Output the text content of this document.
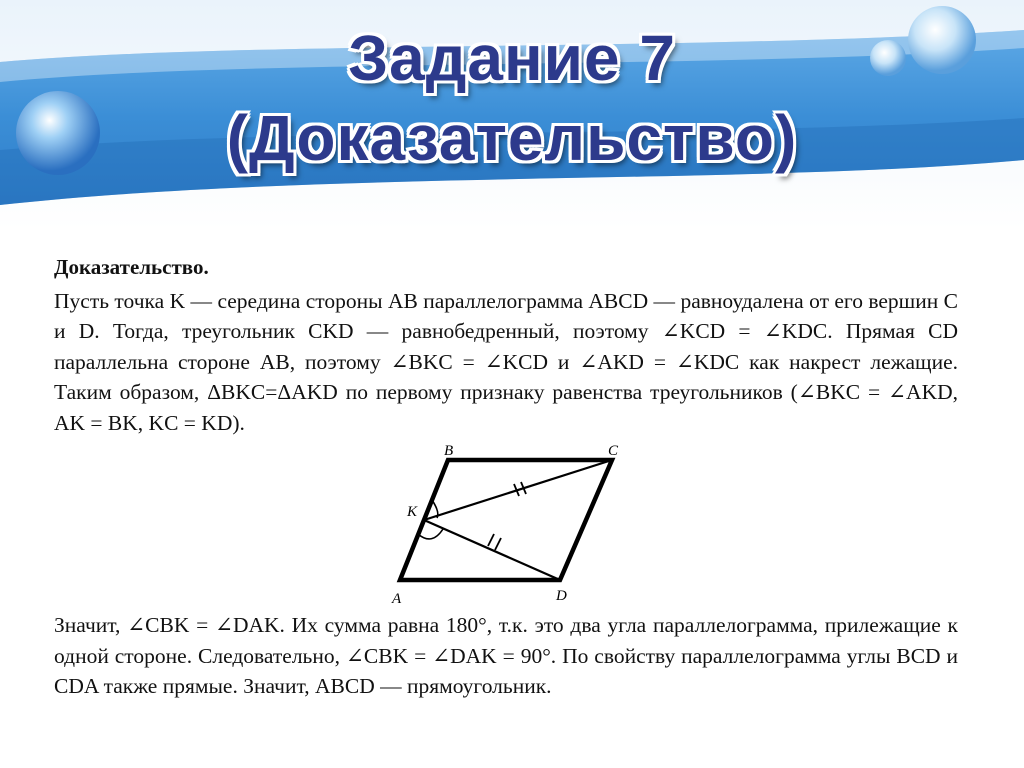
Задание 7
(Доказательство)

Доказательство.

Пусть точка K — середина стороны AB параллелограмма ABCD — равноудалена от его вершин C и D. Тогда, треугольник CKD — равнобедренный, поэтому ∠KCD = ∠KDC. Прямая CD параллельна стороне AB, поэтому ∠BKC = ∠KCD и ∠AKD = ∠KDC как накрест лежащие. Таким образом, ΔBKC=ΔAKD по первому признаку равенства треугольников (∠BKC = ∠AKD, AK = BK, KC = KD).

A
B	C
D
K

Значит, ∠CBK = ∠DAK. Их сумма равна 180°, т.к. это два угла параллелограмма, прилежащие к одной стороне. Следовательно, ∠CBK = ∠DAK = 90°. По свойству параллелограмма углы BCD и CDA также прямые. Значит, ABCD — прямоугольник.
